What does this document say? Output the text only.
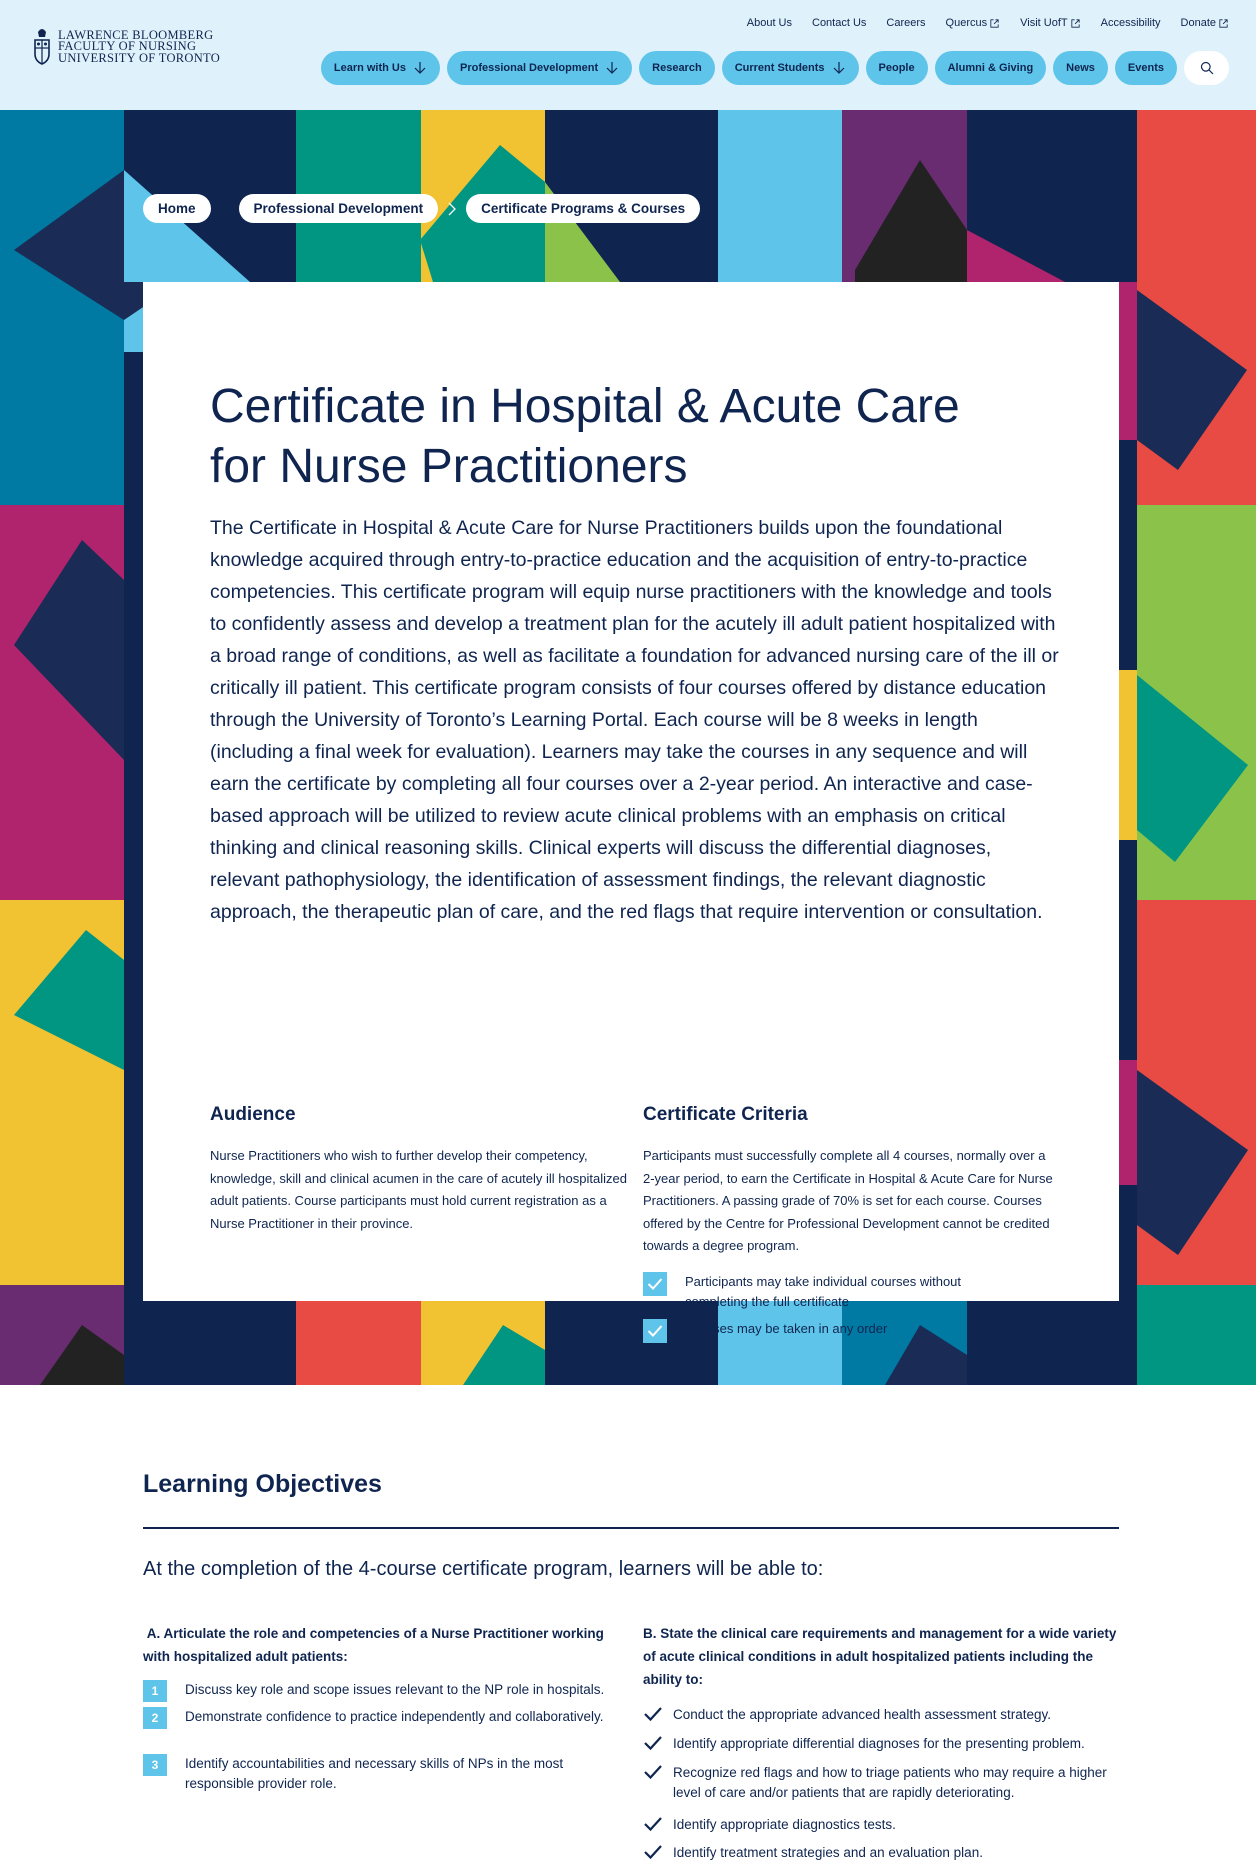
LAWRENCE BLOOMBERG
FACULTY OF NURSING
UNIVERSITY OF TORONTO
About Us Contact Us Careers Quercus	Visit UofT	Accessibility Donate
Learn with Us	Professional Development	Research	Current Students	People	Alumni & Giving	News	Events
Home	Professional Development	Certificate Programs & Courses
Certificate in Hospital & Acute Care
for Nurse Practitioners

The Certificate in Hospital & Acute Care for Nurse Practitioners builds upon the foundational knowledge acquired through entry-to-practice education and the acquisition of entry-to-practice competencies. This certificate program will equip nurse practitioners with the knowledge and tools to confidently assess and develop a treatment plan for the acutely ill adult patient hospitalized with a broad range of conditions, as well as facilitate a foundation for advanced nursing care of the ill or critically ill patient. This certificate program consists of four courses offered by distance education through the University of Toronto’s Learning Portal. Each course will be 8 weeks in length (including a final week for evaluation). Learners may take the courses in any sequence and will earn the certificate by completing all four courses over a 2-year period. An interactive and case-based approach will be utilized to review acute clinical problems with an emphasis on critical thinking and clinical reasoning skills. Clinical experts will discuss the differential diagnoses, relevant pathophysiology, the identification of assessment findings, the relevant diagnostic approach, the therapeutic plan of care, and the red flags that require intervention or consultation.

Audience

Nurse Practitioners who wish to further develop their competency, knowledge, skill and clinical acumen in the care of acutely ill hospitalized adult patients. Course participants must hold current registration as a Nurse Practitioner in their province.

Certificate Criteria

Participants must successfully complete all 4 courses, normally over a 2-year period, to earn the Certificate in Hospital & Acute Care for Nurse Practitioners. A passing grade of 70% is set for each course. Courses offered by the Centre for Professional Development cannot be credited towards a degree program.

Participants may take individual courses without completing the full certificate
Courses may be taken in any order
Learning Objectives

At the completion of the 4-course certificate program, learners will be able to:

A. Articulate the role and competencies of a Nurse Practitioner working with hospitalized adult patients:
1	Discuss key role and scope issues relevant to the NP role in hospitals.
2	Demonstrate confidence to practice independently and collaboratively.
3	Identify accountabilities and necessary skills of NPs in the most responsible provider role.
B. State the clinical care requirements and management for a wide variety of acute clinical conditions in adult hospitalized patients including the ability to:
Conduct the appropriate advanced health assessment strategy.
Identify appropriate differential diagnoses for the presenting problem.
Recognize red flags and how to triage patients who may require a higher level of care and/or patients that are rapidly deteriorating.
Identify appropriate diagnostics tests.
Identify treatment strategies and an evaluation plan.
